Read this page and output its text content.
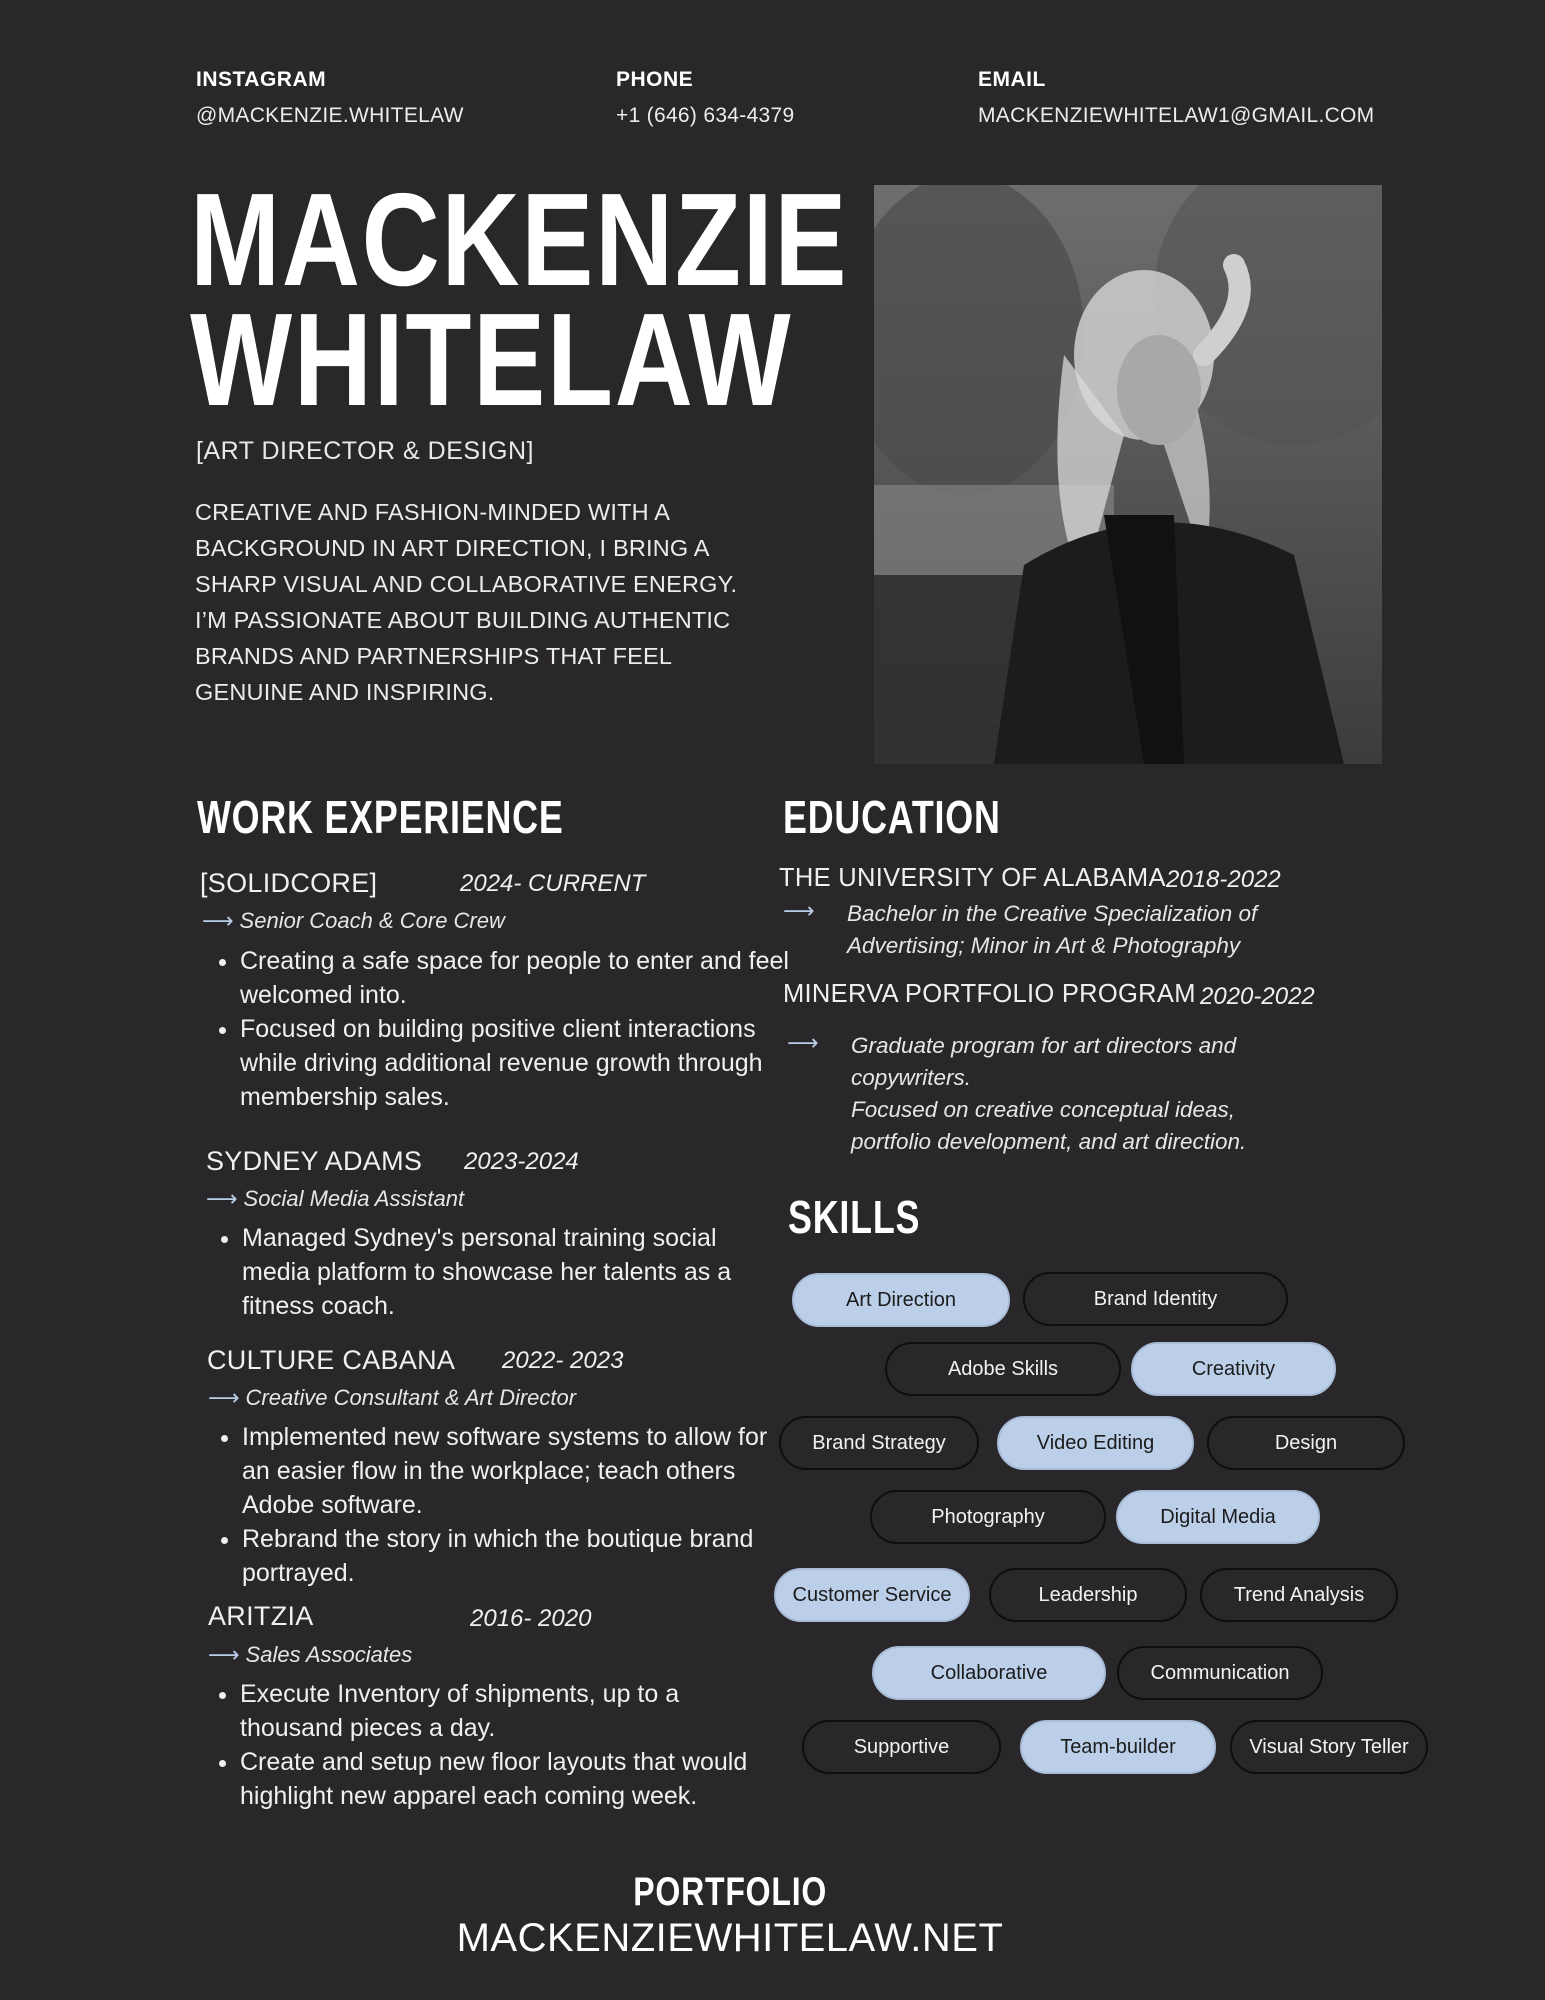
INSTAGRAM
@MACKENZIE.WHITELAW
PHONE
+1 (646) 634-4379
EMAIL
MACKENZIEWHITELAW1@GMAIL.COM
MACKENZIE
WHITELAW
[ART DIRECTOR & DESIGN]
CREATIVE AND FASHION-MINDED WITH A BACKGROUND IN ART DIRECTION, I BRING A SHARP VISUAL AND COLLABORATIVE ENERGY. I’M PASSIONATE ABOUT BUILDING AUTHENTIC BRANDS AND PARTNERSHIPS THAT FEEL GENUINE AND INSPIRING.
WORK EXPERIENCE
[SOLIDCORE]	2024- CURRENT
⟶ Senior Coach & Core Crew
• Creating a safe space for people to enter and feel welcomed into.
• Focused on building positive client interactions while driving additional revenue growth through membership sales.
SYDNEY ADAMS 2023-2024
⟶ Social Media Assistant
• Managed Sydney's personal training social media platform to showcase her talents as a fitness coach.
CULTURE CABANA 2022- 2023
⟶ Creative Consultant & Art Director
• Implemented new software systems to allow for an easier flow in the workplace; teach others Adobe software.
• Rebrand the story in which the boutique brand portrayed.
ARITZIA	2016- 2020
⟶ Sales Associates
• Execute Inventory of shipments, up to a thousand pieces a day.
• Create and setup new floor layouts that would highlight new apparel each coming week.
EDUCATION
THE UNIVERSITY OF ALABAMA 2018-2022
⟶ Bachelor in the Creative Specialization of
Advertising; Minor in Art & Photography
MINERVA PORTFOLIO PROGRAM 2020-2022
⟶ Graduate program for art directors and
copywriters.
Focused on creative conceptual ideas,
portfolio development, and art direction.
SKILLS
Art Direction	Brand Identity
Adobe Skills	Creativity
Brand Strategy	Video Editing	Design
Photography	Digital Media
Customer Service	Leadership	Trend Analysis
Collaborative	Communication
Supportive	Team-builder	Visual Story Teller
PORTFOLIO
MACKENZIEWHITELAW.NET
